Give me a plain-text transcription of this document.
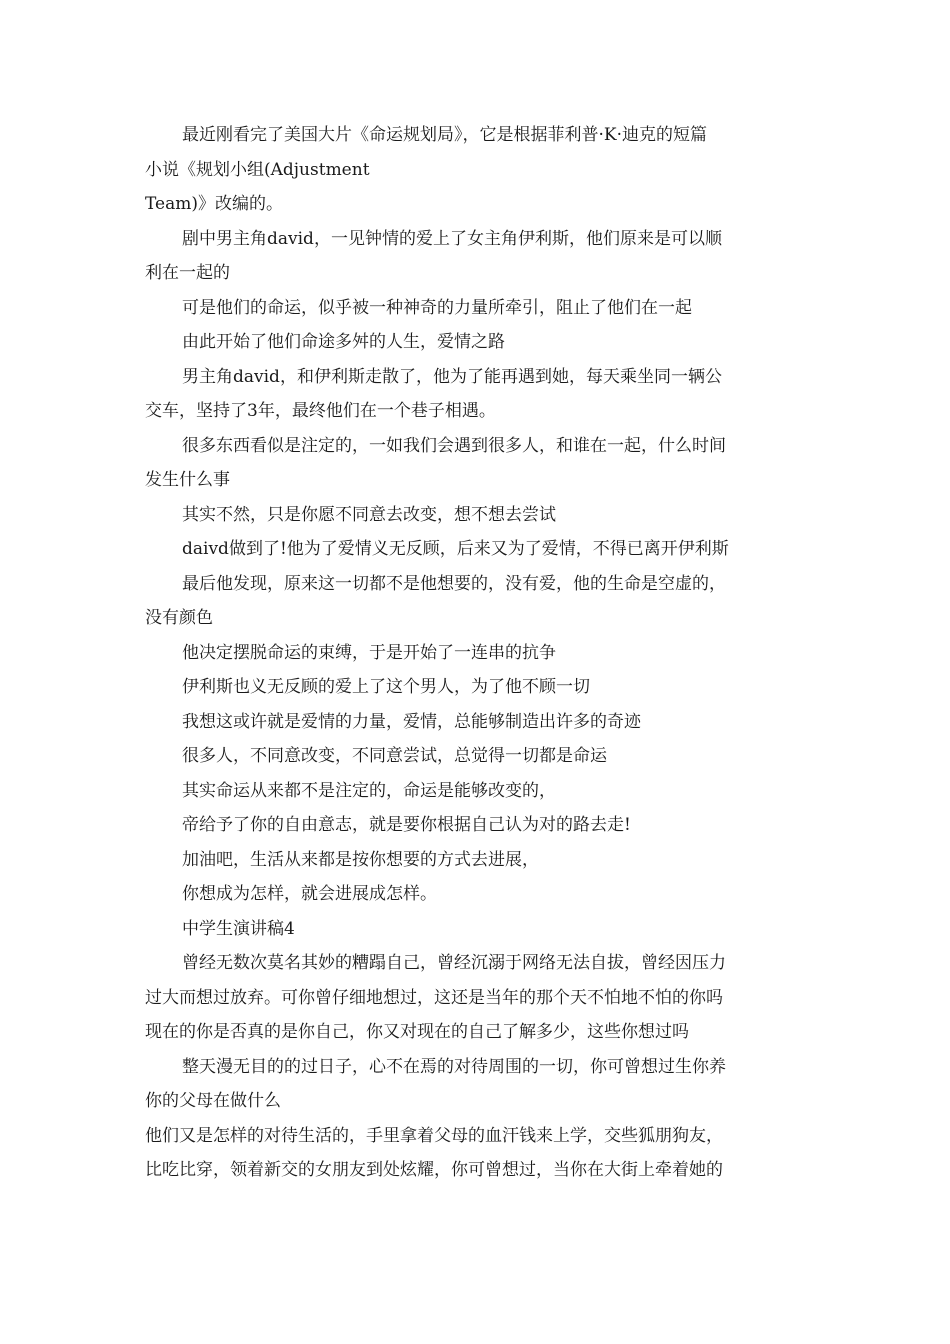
最近刚看完了美国大片《命运规划局》，它是根据菲利普·K·迪克的短篇
小说《规划小组(Adjustment
Team)》改编的。
剧中男主角david，一见钟情的爱上了女主角伊利斯，他们原来是可以顺
利在一起的
可是他们的命运，似乎被一种神奇的力量所牵引，阻止了他们在一起
由此开始了他们命途多舛的人生，爱情之路
男主角david，和伊利斯走散了，他为了能再遇到她，每天乘坐同一辆公
交车，坚持了3年，最终他们在一个巷子相遇。
很多东西看似是注定的，一如我们会遇到很多人，和谁在一起，什么时间
发生什么事
其实不然，只是你愿不同意去改变，想不想去尝试
daivd做到了!他为了爱情义无反顾，后来又为了爱情，不得已离开伊利斯
最后他发现，原来这一切都不是他想要的，没有爱，他的生命是空虚的，
没有颜色
他决定摆脱命运的束缚，于是开始了一连串的抗争
伊利斯也义无反顾的爱上了这个男人，为了他不顾一切
我想这或许就是爱情的力量，爱情，总能够制造出许多的奇迹
很多人，不同意改变，不同意尝试，总觉得一切都是命运
其实命运从来都不是注定的，命运是能够改变的，
帝给予了你的自由意志，就是要你根据自己认为对的路去走!
加油吧，生活从来都是按你想要的方式去进展，
你想成为怎样，就会进展成怎样。
中学生演讲稿4
曾经无数次莫名其妙的糟蹋自己，曾经沉溺于网络无法自拔，曾经因压力
过大而想过放弃。可你曾仔细地想过，这还是当年的那个天不怕地不怕的你吗
现在的你是否真的是你自己，你又对现在的自己了解多少，这些你想过吗
整天漫无目的的过日子，心不在焉的对待周围的一切，你可曾想过生你养
你的父母在做什么
他们又是怎样的对待生活的，手里拿着父母的血汗钱来上学，交些狐朋狗友，
比吃比穿，领着新交的女朋友到处炫耀，你可曾想过，当你在大街上牵着她的
